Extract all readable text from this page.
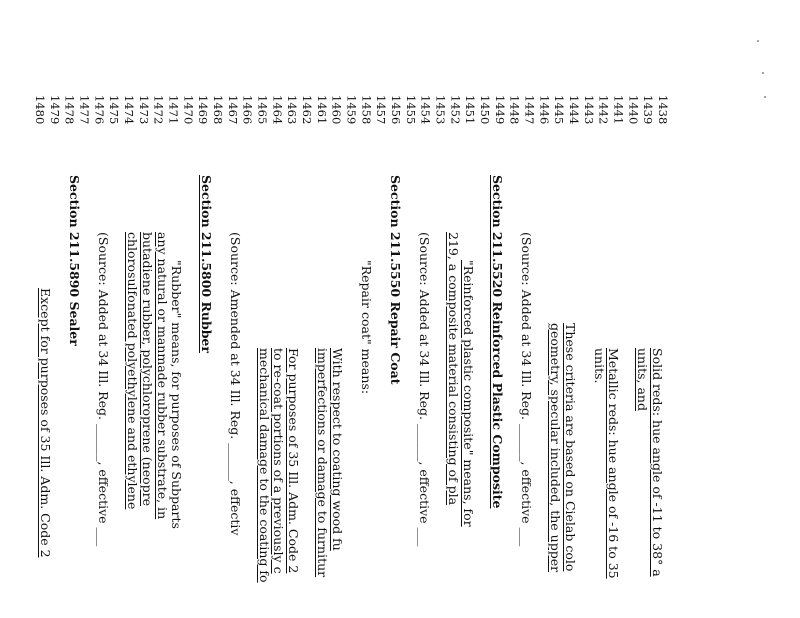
1438
1439
1440
1441
1442
1443
1444
1445
1446
1447
1448
1449
1450
1451
1452
1453
1454
1455
1456
1457
1458
1459
1460
1461
1462
1463
1464
1465
1466
1467
1468
1469
1470
1471
1472
1473
1474
1475
1476
1477
1478
1479
1480
Solid reds: hue angle of -11 to 38° a
units, and
Metallic reds: hue angle of -16 to 35
units.
These criteria are based on Cielab colo
geometry, specular included, the upper
(Source: Added at 34 Ill. Reg. ______, effective ___
Section 211.5520 Reinforced Plastic Composite
"Reinforced plastic composite" means, for
219, a composite material consisting of pla
(Source: Added at 34 Ill. Reg. ______, effective ___
Section 211.5550 Repair Coat
"Repair coat" means:
With respect to coating wood fu
imperfections or damage to furnitur
For purposes of 35 Ill. Adm. Code 2
to re-coat portions of a previously c
mechanical damage to the coating fo
(Source: Amended at 34 Ill. Reg. ______, effectiv
Section 211.5800 Rubber
"Rubber" means, for purposes of Subparts
any natural or manmade rubber substrate, in
butadiene rubber, polychloroprene (neopre
chlorosulfonated polyethylene and ethylene
(Source: Added at 34 Ill. Reg. ______, effective ___
Section 211.5890 Sealer
Except for purposes of 35 Ill. Adm. Code 2
